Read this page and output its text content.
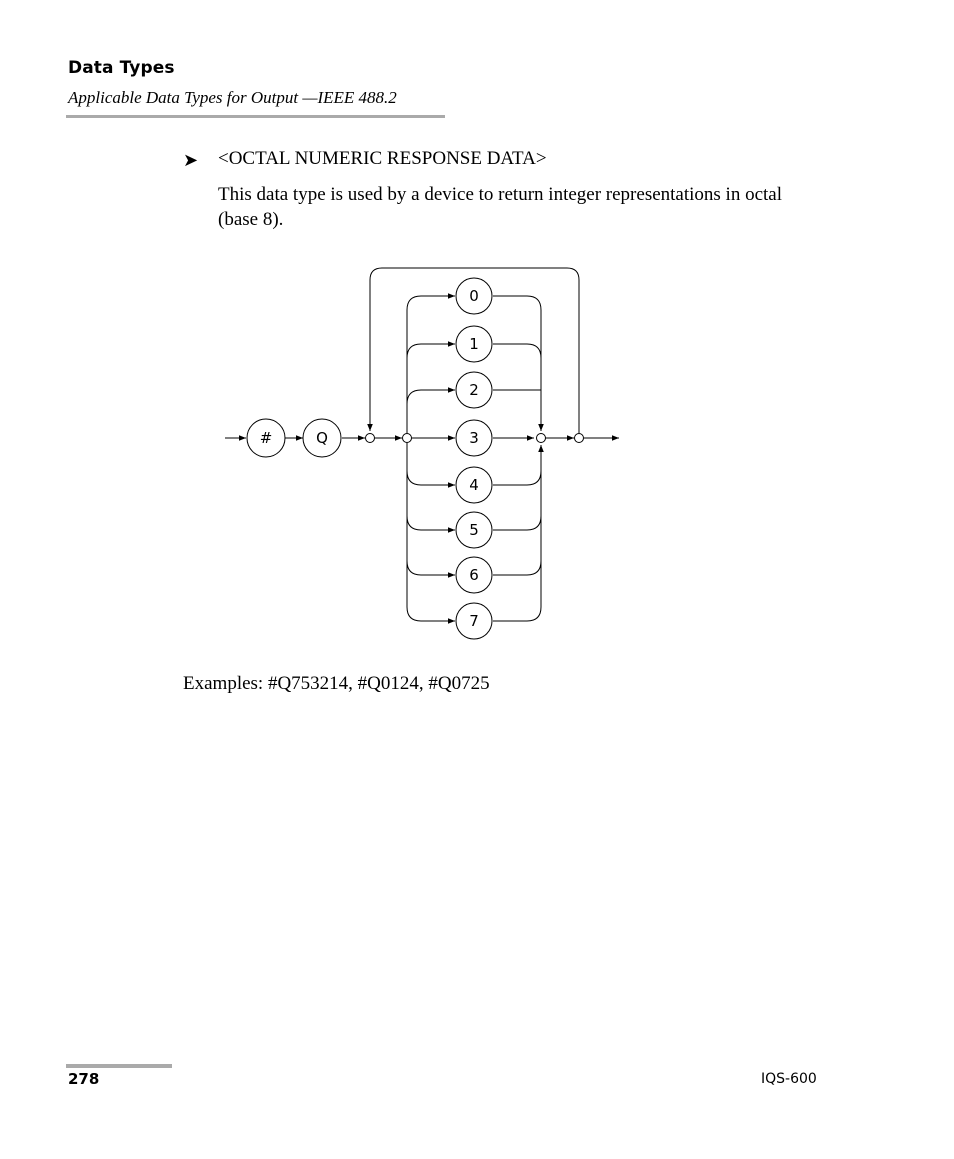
Data Types
Applicable Data Types for Output —IEEE 488.2
➤ <OCTAL NUMERIC RESPONSE DATA>
This data type is used by a device to return integer representations in octal (base 8).
#	Q
0
1
2
3
4
5
6
7
Examples: #Q753214, #Q0124, #Q0725
278	IQS-600
